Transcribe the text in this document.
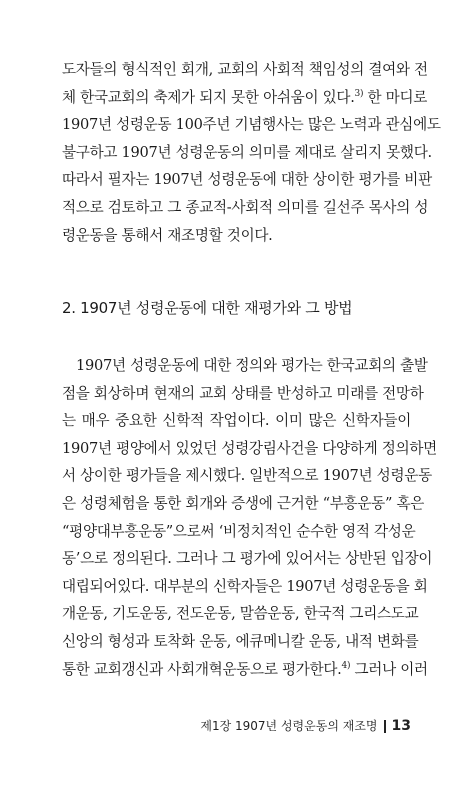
도자들의 형식적인 회개, 교회의 사회적 책임성의 결여와 전
체 한국교회의 축제가 되지 못한 아쉬움이 있다.$^{3)}$ 한 마디로
1907년 성령운동 100주년 기념행사는 많은 노력과 관심에도
불구하고 1907년 성령운동의 의미를 제대로 살리지 못했다.
따라서 필자는 1907년 성령운동에 대한 상이한 평가를 비판
적으로 검토하고 그 종교적-사회적 의미를 길선주 목사의 성
령운동을 통해서 재조명할 것이다.
2. 1907년 성령운동에 대한 재평가와 그 방법
1907년 성령운동에 대한 정의와 평가는 한국교회의 출발
점을 회상하며 현재의 교회 상태를 반성하고 미래를 전망하
는 매우 중요한 신학적 작업이다. 이미 많은 신학자들이
1907년 평양에서 있었던 성령강림사건을 다양하게 정의하면
서 상이한 평가들을 제시했다. 일반적으로 1907년 성령운동
은 성령체험을 통한 회개와 증생에 근거한 “부흥운동” 혹은
“평양대부흥운동”으로써 ‘비정치적인 순수한 영적 각성운
동’으로 정의된다. 그러나 그 평가에 있어서는 상반된 입장이
대립되어있다. 대부분의 신학자들은 1907년 성령운동을 회
개운동, 기도운동, 전도운동, 말씀운동, 한국적 그리스도교
신앙의 형성과 토착화 운동, 에큐메니칼 운동, 내적 변화를
통한 교회갱신과 사회개혁운동으로 평가한다.$^{4)}$ 그러나 이러
제1장 1907년 성령운동의 재조명 13
